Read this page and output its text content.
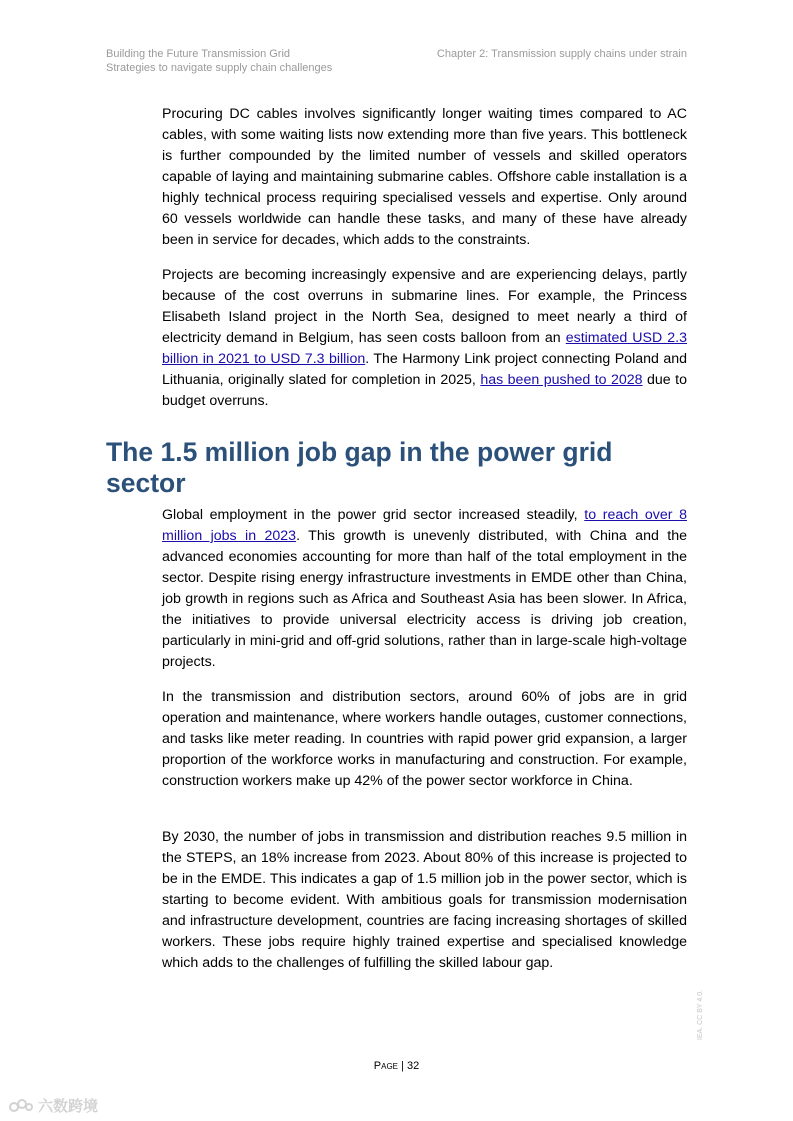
Building the Future Transmission Grid
Strategies to navigate supply chain challenges
Chapter 2: Transmission supply chains under strain

Procuring DC cables involves significantly longer waiting times compared to AC cables, with some waiting lists now extending more than five years. This bottleneck is further compounded by the limited number of vessels and skilled operators capable of laying and maintaining submarine cables. Offshore cable installation is a highly technical process requiring specialised vessels and expertise. Only around 60 vessels worldwide can handle these tasks, and many of these have already been in service for decades, which adds to the constraints.

Projects are becoming increasingly expensive and are experiencing delays, partly because of the cost overruns in submarine lines. For example, the Princess Elisabeth Island project in the North Sea, designed to meet nearly a third of electricity demand in Belgium, has seen costs balloon from an estimated USD 2.3 billion in 2021 to USD 7.3 billion. The Harmony Link project connecting Poland and Lithuania, originally slated for completion in 2025, has been pushed to 2028 due to budget overruns.

The 1.5 million job gap in the power grid sector

Global employment in the power grid sector increased steadily, to reach over 8 million jobs in 2023. This growth is unevenly distributed, with China and the advanced economies accounting for more than half of the total employment in the sector. Despite rising energy infrastructure investments in EMDE other than China, job growth in regions such as Africa and Southeast Asia has been slower. In Africa, the initiatives to provide universal electricity access is driving job creation, particularly in mini-grid and off-grid solutions, rather than in large-scale high-voltage projects.

In the transmission and distribution sectors, around 60% of jobs are in grid operation and maintenance, where workers handle outages, customer connections, and tasks like meter reading. In countries with rapid power grid expansion, a larger proportion of the workforce works in manufacturing and construction. For example, construction workers make up 42% of the power sector workforce in China.

By 2030, the number of jobs in transmission and distribution reaches 9.5 million in the STEPS, an 18% increase from 2023. About 80% of this increase is projected to be in the EMDE. This indicates a gap of 1.5 million job in the power sector, which is starting to become evident. With ambitious goals for transmission modernisation and infrastructure development, countries are facing increasing shortages of skilled workers. These jobs require highly trained expertise and specialised knowledge which adds to the challenges of fulfilling the skilled labour gap.

Page | 32
IEA. CC BY 4.0.
六数跨境
